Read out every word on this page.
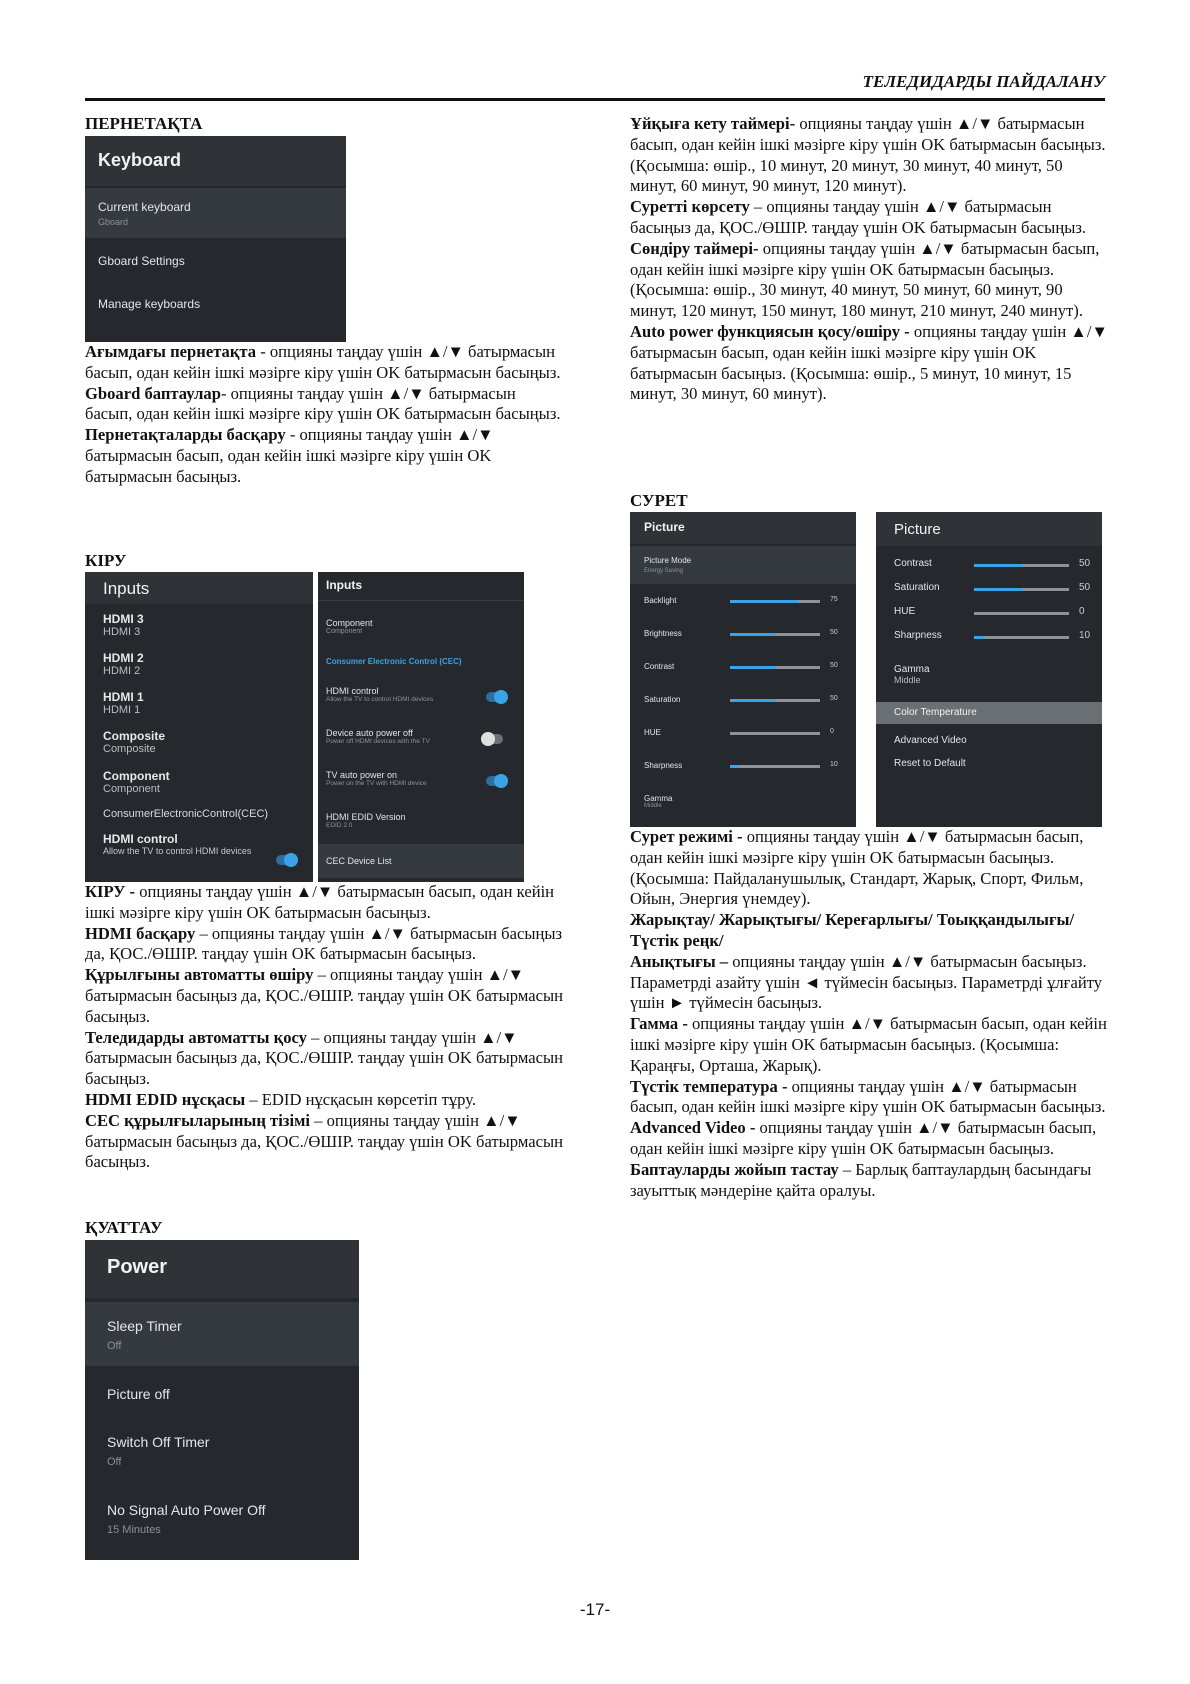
ТЕЛЕДИДАРДЫ ПАЙДАЛАНУ
ПЕРНЕТАҚТА
Keyboard
Current keyboard
Gboard
Gboard Settings
Manage keyboards

Ағымдағы пернетақта - опцияны таңдау үшін ▲/▼ батырмасын басып, одан кейін ішкі мәзірге кіру үшін OK батырмасын басыңыз.

Gboard баптаулар- опцияны таңдау үшін ▲/▼ батырмасын басып, одан кейін ішкі мәзірге кіру үшін OK батырмасын басыңыз.

Пернетақталарды басқару - опцияны таңдау үшін ▲/▼ батырмасын басып, одан кейін ішкі мәзірге кіру үшін OK батырмасын басыңыз.

КІРУ
Inputs
HDMI 3
HDMI 3
HDMI 2
HDMI 2
HDMI 1
HDMI 1
Composite
Composite
Component
Component
ConsumerElectronicControl(CEC)
HDMI control
Allow the TV to control HDMI devices
Inputs
Component
Component
Consumer Electronic Control (CEC)
HDMI control
Allow the TV to control HDMI devices
Device auto power off
Power off HDMI devices with the TV
TV auto power on
Power on the TV with HDMI device
HDMI EDID Version
EDID 2.0
CEC Device List

КІРУ - опцияны таңдау үшін ▲/▼ батырмасын басып, одан кейін ішкі мәзірге кіру үшін OK батырмасын басыңыз.

HDMI басқару – опцияны таңдау үшін ▲/▼ батырмасын басыңыз да, ҚОС./ӨШІР. таңдау үшін OK батырмасын басыңыз.

Құрылғыны автоматты өшіру – опцияны таңдау үшін ▲/▼ батырмасын басыңыз да, ҚОС./ӨШІР. таңдау үшін OK батырмасын басыңыз.

Теледидарды автоматты қосу – опцияны таңдау үшін ▲/▼ батырмасын басыңыз да, ҚОС./ӨШІР. таңдау үшін OK батырмасын басыңыз.

HDMI EDID нұсқасы – EDID нұсқасын көрсетіп тұру.

CEC құрылғыларының тізімі – опцияны таңдау үшін ▲/▼ батырмасын басыңыз да, ҚОС./ӨШІР. таңдау үшін OK батырмасын басыңыз.

ҚУАТТАУ
Power
Sleep Timer
Off
Picture off
Switch Off Timer
Off
No Signal Auto Power Off
15 Minutes

Ұйқыға кету таймері- опцияны таңдау үшін ▲/▼ батырмасын басып, одан кейін ішкі мәзірге кіру үшін OK батырмасын басыңыз. (Қосымша: өшір., 10 минут, 20 минут, 30 минут, 40 минут, 50 минут, 60 минут, 90 минут, 120 минут).

Суретті көрсету – опцияны таңдау үшін ▲/▼ батырмасын басыңыз да, ҚОС./ӨШІР. таңдау үшін OK батырмасын басыңыз.

Сөндіру таймері- опцияны таңдау үшін ▲/▼ батырмасын басып, одан кейін ішкі мәзірге кіру үшін OK батырмасын басыңыз. (Қосымша: өшір., 30 минут, 40 минут, 50 минут, 60 минут, 90 минут, 120 минут, 150 минут, 180 минут, 210 минут, 240 минут).

Auto power функциясын қосу/өшіру - опцияны таңдау үшін ▲/▼ батырмасын басып, одан кейін ішкі мәзірге кіру үшін OK батырмасын басыңыз. (Қосымша: өшір., 5 минут, 10 минут, 15 минут, 30 минут, 60 минут).

СУРЕТ
Picture
Picture Mode
Energy Saving
Backlight	75
Brightness	50
Contrast	50
Saturation	50
HUE	0
Sharpness	10
Gamma
Middle
Picture
Contrast	50
Saturation	50
HUE	0
Sharpness	10
Gamma
Middle
Color Temperature
Advanced Video
Reset to Default

Сурет режимі - опцияны таңдау үшін ▲/▼ батырмасын басып, одан кейін ішкі мәзірге кіру үшін OK батырмасын басыңыз. (Қосымша: Пайдаланушылық, Стандарт, Жарық, Спорт, Фильм, Ойын, Энергия үнемдеу).

Жарықтау/ Жарықтығы/ Кереғарлығы/ Тоыққандылығы/ Түстік реңк/

Анықтығы – опцияны таңдау үшін ▲/▼ батырмасын басыңыз. Параметрді азайту үшін ◄ түймесін басыңыз. Параметрді ұлғайту үшін ► түймесін басыңыз.

Гамма - опцияны таңдау үшін ▲/▼ батырмасын басып, одан кейін ішкі мәзірге кіру үшін OK батырмасын басыңыз. (Қосымша: Қараңғы, Орташа, Жарық).

Түстік температура - опцияны таңдау үшін ▲/▼ батырмасын басып, одан кейін ішкі мәзірге кіру үшін OK батырмасын басыңыз.

Advanced Video - опцияны таңдау үшін ▲/▼ батырмасын басып, одан кейін ішкі мәзірге кіру үшін OK батырмасын басыңыз.

Баптауларды жойып тастау – Барлық баптаулардың басындағы зауыттық мәндеріне қайта оралуы.

-17-
